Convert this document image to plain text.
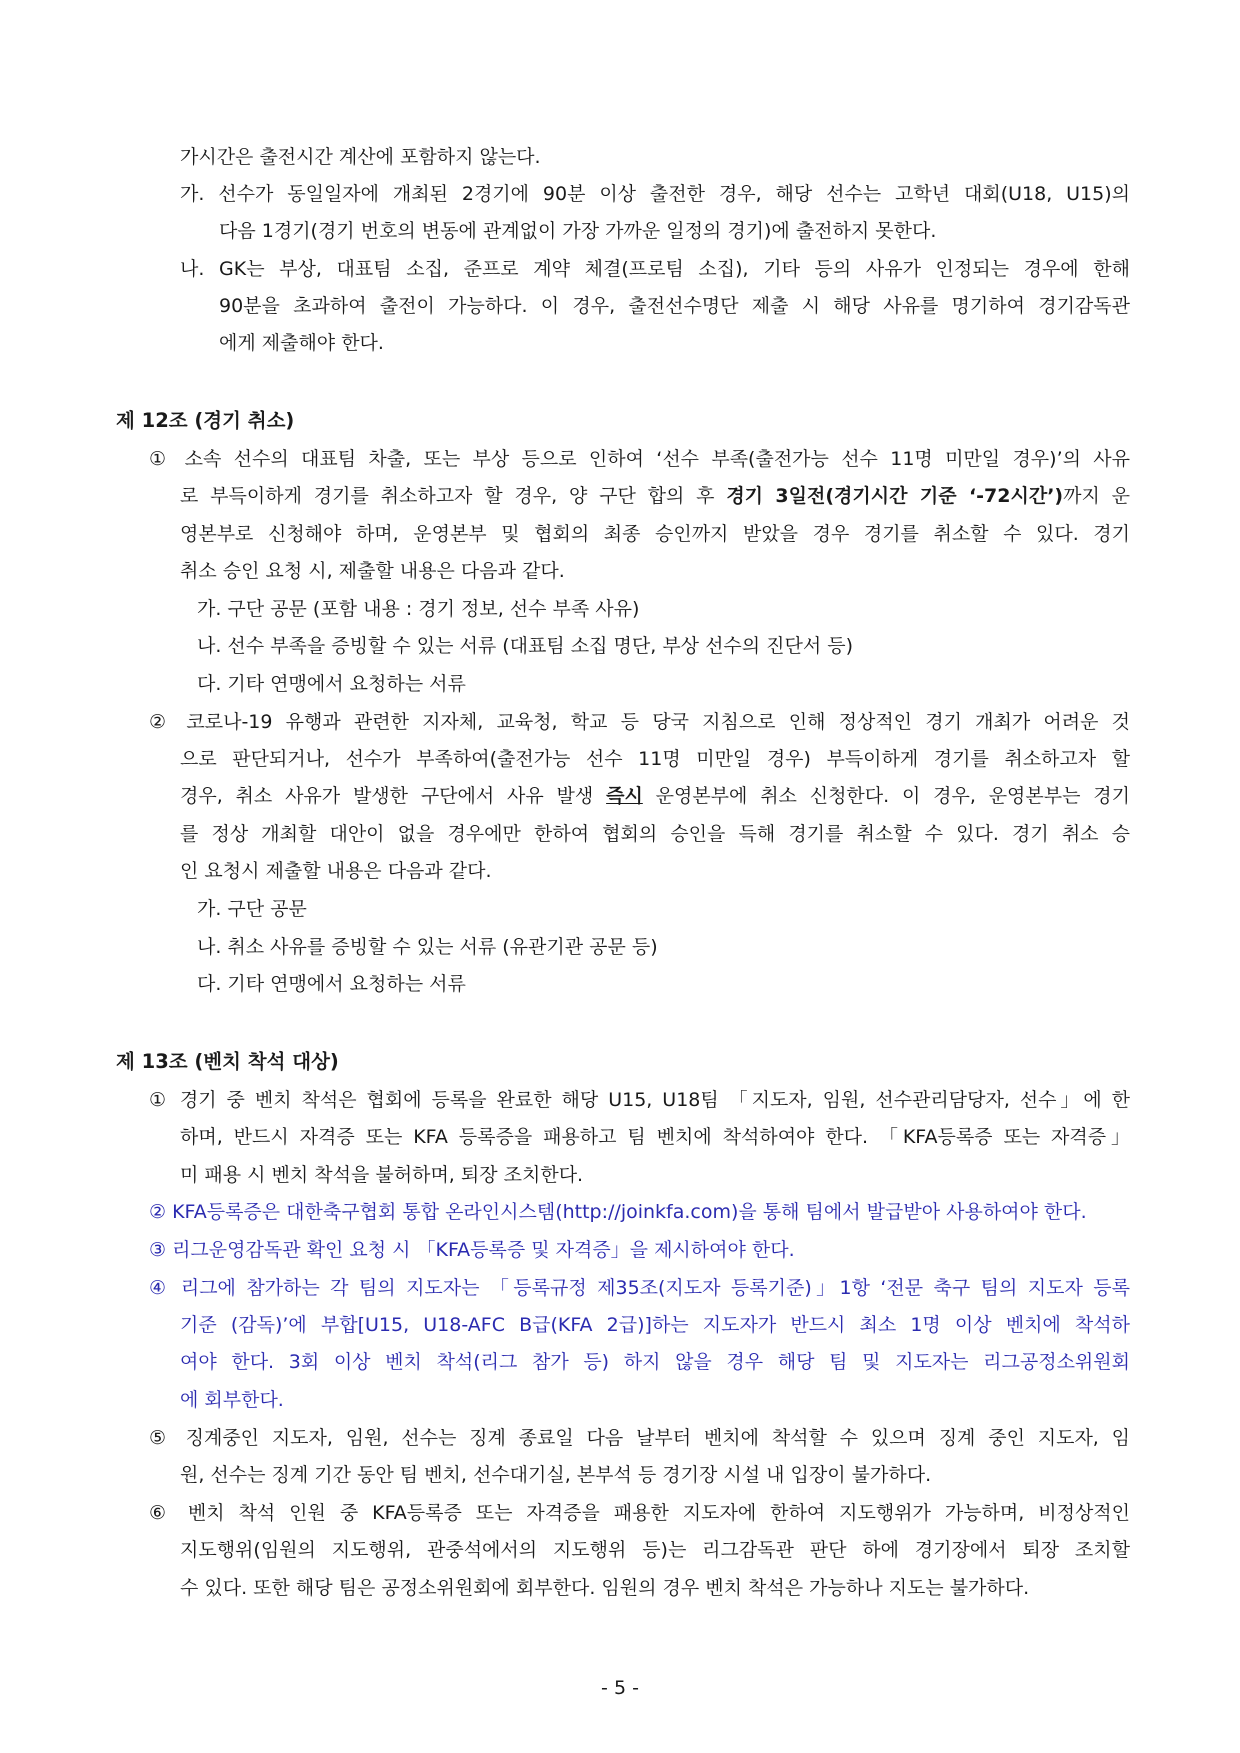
가시간은 출전시간 계산에 포함하지 않는다.
가. 선수가 동일일자에 개최된 2경기에 90분 이상 출전한 경우, 해당 선수는 고학년 대회(U18, U15)의
다음 1경기(경기 번호의 변동에 관계없이 가장 가까운 일정의 경기)에 출전하지 못한다.
나. GK는 부상, 대표팀 소집, 준프로 계약 체결(프로팀 소집), 기타 등의 사유가 인정되는 경우에 한해
90분을 초과하여 출전이 가능하다. 이 경우, 출전선수명단 제출 시 해당 사유를 명기하여 경기감독관
에게 제출해야 한다.
제 12조 (경기 취소)
① 소속 선수의 대표팀 차출, 또는 부상 등으로 인하여 ‘선수 부족(출전가능 선수 11명 미만일 경우)’의 사유
로 부득이하게 경기를 취소하고자 할 경우, 양 구단 합의 후 경기 3일전(경기시간 기준 ‘-72시간’)까지 운
영본부로 신청해야 하며, 운영본부 및 협회의 최종 승인까지 받았을 경우 경기를 취소할 수 있다. 경기
취소 승인 요청 시, 제출할 내용은 다음과 같다.
가. 구단 공문 (포함 내용 : 경기 정보, 선수 부족 사유)
나. 선수 부족을 증빙할 수 있는 서류 (대표팀 소집 명단, 부상 선수의 진단서 등)
다. 기타 연맹에서 요청하는 서류
② 코로나-19 유행과 관련한 지자체, 교육청, 학교 등 당국 지침으로 인해 정상적인 경기 개최가 어려운 것
으로 판단되거나, 선수가 부족하여(출전가능 선수 11명 미만일 경우) 부득이하게 경기를 취소하고자 할
경우, 취소 사유가 발생한 구단에서 사유 발생 즉시 운영본부에 취소 신청한다. 이 경우, 운영본부는 경기
를 정상 개최할 대안이 없을 경우에만 한하여 협회의 승인을 득해 경기를 취소할 수 있다. 경기 취소 승
인 요청시 제출할 내용은 다음과 같다.
가. 구단 공문
나. 취소 사유를 증빙할 수 있는 서류 (유관기관 공문 등)
다. 기타 연맹에서 요청하는 서류
제 13조 (벤치 착석 대상)
① 경기 중 벤치 착석은 협회에 등록을 완료한 해당 U15, U18팀 「지도자, 임원, 선수관리담당자, 선수」에 한
하며, 반드시 자격증 또는 KFA 등록증을 패용하고 팀 벤치에 착석하여야 한다. 「KFA등록증 또는 자격증」
미 패용 시 벤치 착석을 불허하며, 퇴장 조치한다.
② KFA등록증은 대한축구협회 통합 온라인시스템(http://joinkfa.com)을 통해 팀에서 발급받아 사용하여야 한다.
③ 리그운영감독관 확인 요청 시 「KFA등록증 및 자격증」을 제시하여야 한다.
④ 리그에 참가하는 각 팀의 지도자는 「등록규정 제35조(지도자 등록기준)」1항 ‘전문 축구 팀의 지도자 등록
기준 (감독)’에 부합[U15, U18-AFC B급(KFA 2급)]하는 지도자가 반드시 최소 1명 이상 벤치에 착석하
여야 한다. 3회 이상 벤치 착석(리그 참가 등) 하지 않을 경우 해당 팀 및 지도자는 리그공정소위원회
에 회부한다.
⑤ 징계중인 지도자, 임원, 선수는 징계 종료일 다음 날부터 벤치에 착석할 수 있으며 징계 중인 지도자, 임
원, 선수는 징계 기간 동안 팀 벤치, 선수대기실, 본부석 등 경기장 시설 내 입장이 불가하다.
⑥ 벤치 착석 인원 중 KFA등록증 또는 자격증을 패용한 지도자에 한하여 지도행위가 가능하며, 비정상적인
지도행위(임원의 지도행위, 관중석에서의 지도행위 등)는 리그감독관 판단 하에 경기장에서 퇴장 조치할
수 있다. 또한 해당 팀은 공정소위원회에 회부한다. 임원의 경우 벤치 착석은 가능하나 지도는 불가하다.
- 5 -
